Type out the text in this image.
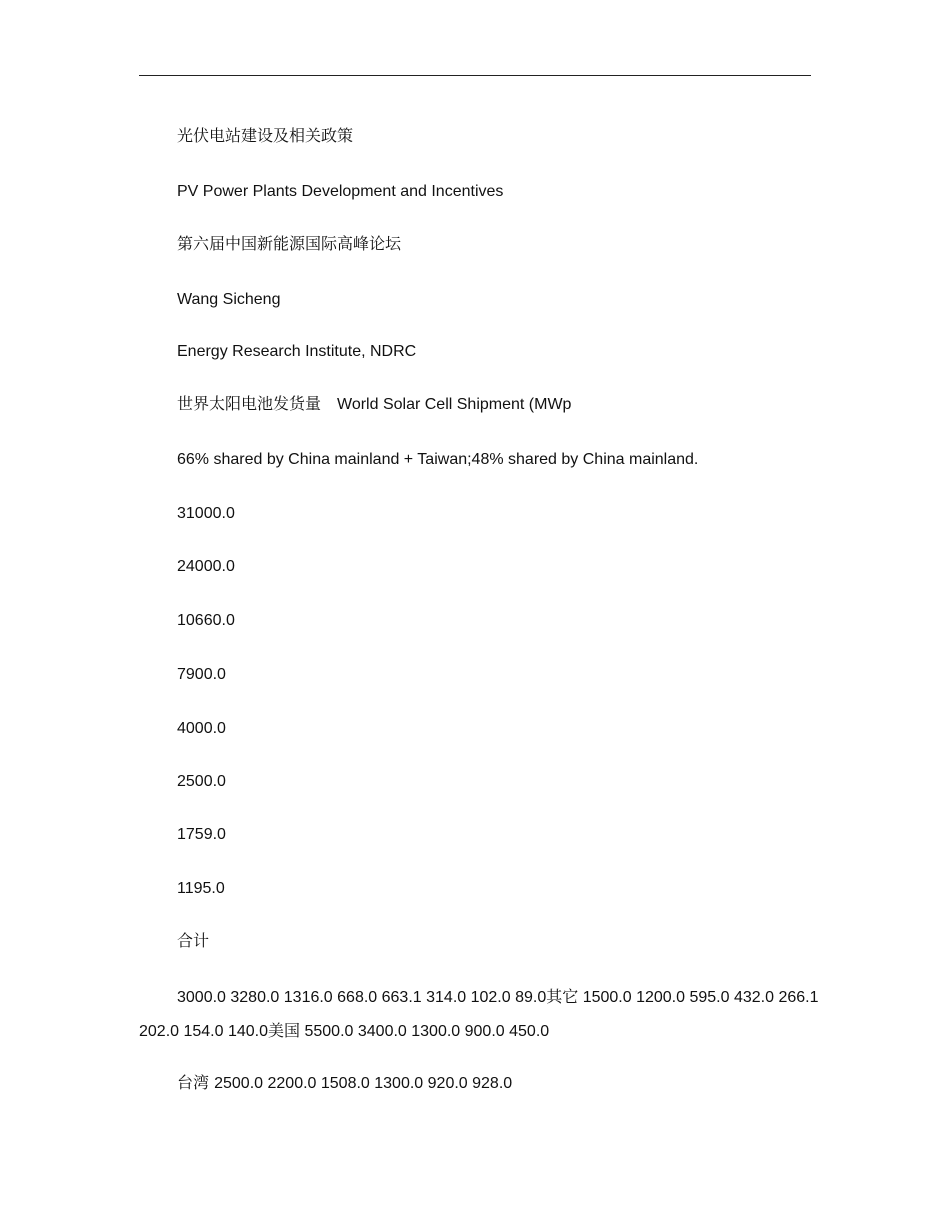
光伏电站建设及相关政策
PV Power Plants Development and Incentives
第六届中国新能源国际高峰论坛
Wang Sicheng
Energy Research Institute, NDRC
世界太阳电池发货量 World Solar Cell Shipment (MWp
66% shared by China mainland + Taiwan;48% shared by China mainland.
31000.0
24000.0
10660.0
7900.0
4000.0
2500.0
1759.0
1195.0
合计
3000.0 3280.0 1316.0 668.0 663.1 314.0 102.0 89.0其它 1500.0 1200.0 595.0 432.0 266.1 202.0 154.0 140.0美国 5500.0 3400.0 1300.0 900.0 450.0
台湾 2500.0 2200.0 1508.0 1300.0 920.0 928.0
